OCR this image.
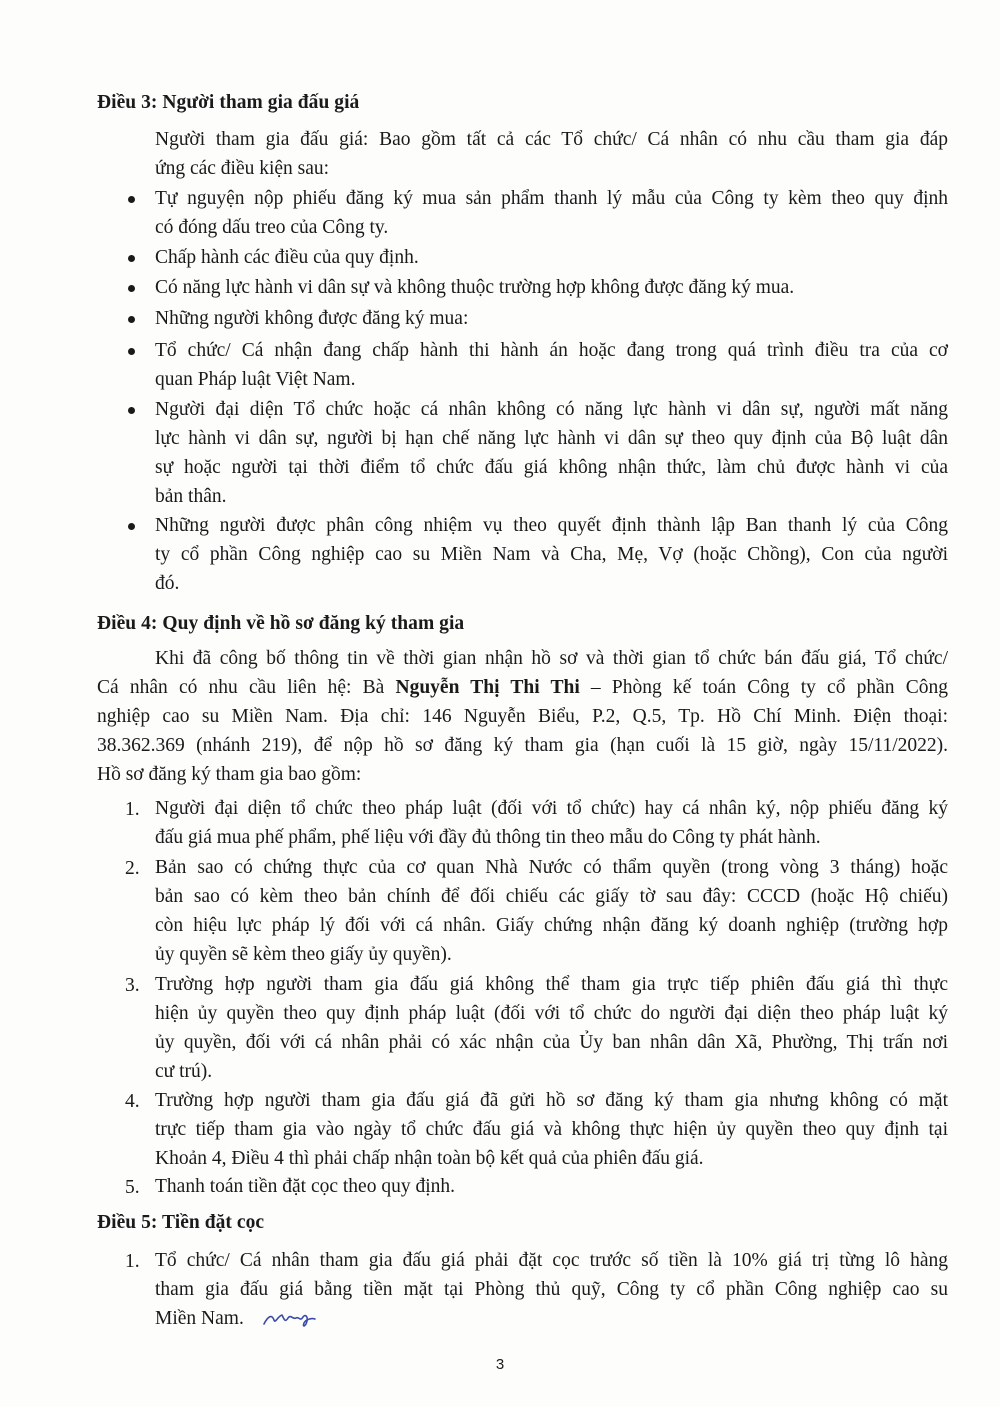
Điều 3: Người tham gia đấu giá
Người tham gia đấu giá: Bao gồm tất cả các Tổ chức/ Cá nhân có nhu cầu tham gia đáp
ứng các điều kiện sau:
Tự nguyện nộp phiếu đăng ký mua sản phẩm thanh lý mẫu của Công ty kèm theo quy định
có đóng dấu treo của Công ty.
Chấp hành các điều của quy định.
Có năng lực hành vi dân sự và không thuộc trường hợp không được đăng ký mua.
Những người không được đăng ký mua:
Tổ chức/ Cá nhận đang chấp hành thi hành án hoặc đang trong quá trình điều tra của cơ
quan Pháp luật Việt Nam.
Người đại diện Tổ chức hoặc cá nhân không có năng lực hành vi dân sự, người mất năng
lực hành vi dân sự, người bị hạn chế năng lực hành vi dân sự theo quy định của Bộ luật dân
sự hoặc người tại thời điểm tổ chức đấu giá không nhận thức, làm chủ được hành vi của
bản thân.
Những người được phân công nhiệm vụ theo quyết định thành lập Ban thanh lý của Công
ty cổ phần Công nghiệp cao su Miền Nam và Cha, Mẹ, Vợ (hoặc Chồng), Con của người
đó.
Điều 4: Quy định về hồ sơ đăng ký tham gia
Khi đã công bố thông tin về thời gian nhận hồ sơ và thời gian tổ chức bán đấu giá, Tổ chức/
Cá nhân có nhu cầu liên hệ: Bà Nguyễn Thị Thi Thi – Phòng kế toán Công ty cổ phần Công
nghiệp cao su Miền Nam. Địa chỉ: 146 Nguyễn Biểu, P.2, Q.5, Tp. Hồ Chí Minh. Điện thoại:
38.362.369 (nhánh 219), để nộp hồ sơ đăng ký tham gia (hạn cuối là 15 giờ, ngày 15/11/2022).
Hồ sơ đăng ký tham gia bao gồm:
1. Người đại diện tổ chức theo pháp luật (đối với tổ chức) hay cá nhân ký, nộp phiếu đăng ký
đấu giá mua phế phẩm, phế liệu với đầy đủ thông tin theo mẫu do Công ty phát hành.
2. Bản sao có chứng thực của cơ quan Nhà Nước có thẩm quyền (trong vòng 3 tháng) hoặc
bản sao có kèm theo bản chính để đối chiếu các giấy tờ sau đây: CCCD (hoặc Hộ chiếu)
còn hiệu lực pháp lý đối với cá nhân. Giấy chứng nhận đăng ký doanh nghiệp (trường hợp
ủy quyền sẽ kèm theo giấy ủy quyền).
3. Trường hợp người tham gia đấu giá không thể tham gia trực tiếp phiên đấu giá thì thực
hiện ủy quyền theo quy định pháp luật (đối với tổ chức do người đại diện theo pháp luật ký
ủy quyền, đối với cá nhân phải có xác nhận của Ủy ban nhân dân Xã, Phường, Thị trấn nơi
cư trú).
4. Trường hợp người tham gia đấu giá đã gửi hồ sơ đăng ký tham gia nhưng không có mặt
trực tiếp tham gia vào ngày tổ chức đấu giá và không thực hiện ủy quyền theo quy định tại
Khoản 4, Điều 4 thì phải chấp nhận toàn bộ kết quả của phiên đấu giá.
5. Thanh toán tiền đặt cọc theo quy định.
Điều 5: Tiền đặt cọc
1. Tổ chức/ Cá nhân tham gia đấu giá phải đặt cọc trước số tiền là 10% giá trị từng lô hàng
tham gia đấu giá bằng tiền mặt tại Phòng thủ quỹ, Công ty cổ phần Công nghiệp cao su
Miền Nam.
3
